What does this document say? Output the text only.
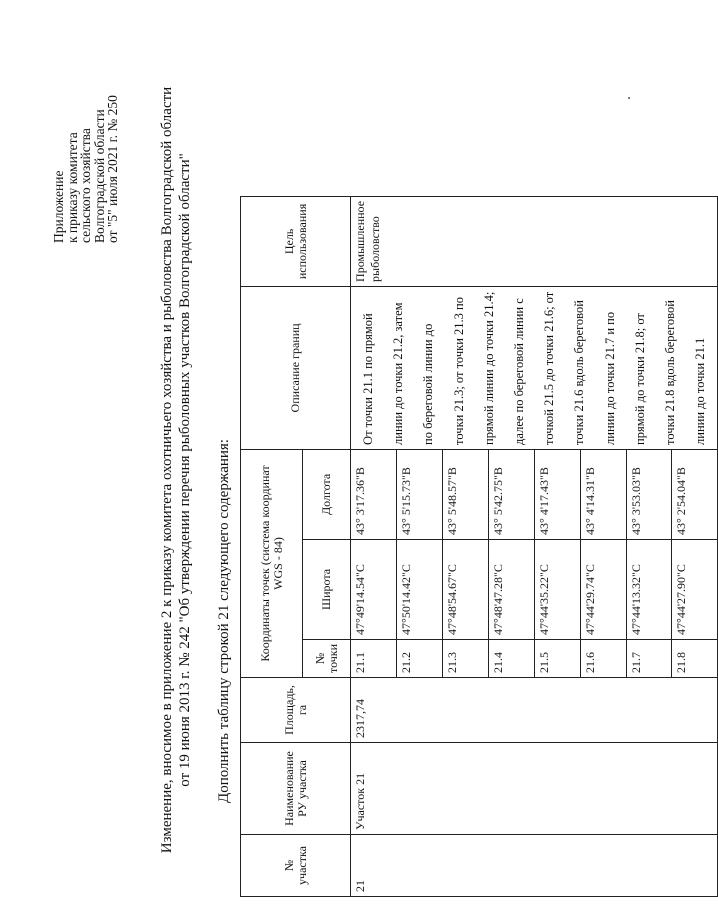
Приложение
к приказу комитета
сельского хозяйства
Волгоградской области
от "5" июля 2021 г. № 250	Изменение, вносимое в приложение 2 к приказу комитета охотничьего хозяйства и рыболовства Волгоградской области от 19 июня 2013 г. № 242 "Об утверждении перечня рыболовных участков Волгоградской области" Дополнить таблицу строкой 21 следующего содержания:
№ участка	Наименование РУ участка	Площадь, га	Координаты точек (система координат WGS - 84)			Описание границ	Цель использования
			№ точки	Широта	Долгота		
21	Участок 21	2317,74	21.1	47°49'14.54"С	43° 3'17.36"В	От точки 21.1 по прямой линии до точки 21.2, затем по береговой линии до точки 21.3; от точки 21.3 по прямой линии до точки 21.4; далее по береговой линии с точкой 21.5 до точки 21.6; от точки 21.6 вдоль береговой линии до точки 21.7 и по прямой до точки 21.8; от точки 21.8 вдоль береговой линии до точки 21.1	Промышленное рыболовство
			21.2	47°50'14.42"С	43° 5'15.73"В		
			21.3	47°48'54.67"С	43° 5'48.57"В		
			21.4	47°48'47.28"С	43° 5'42.75"В		
			21.5	47°44'35.22"С	43° 4'17.43"В		
			21.6	47°44'29.74"С	43° 4'14.31"В		
			21.7	47°44'13.32"С	43° 3'53.03"В		
			21.8	47°44'27.90"С	43° 2'54.04"В		
